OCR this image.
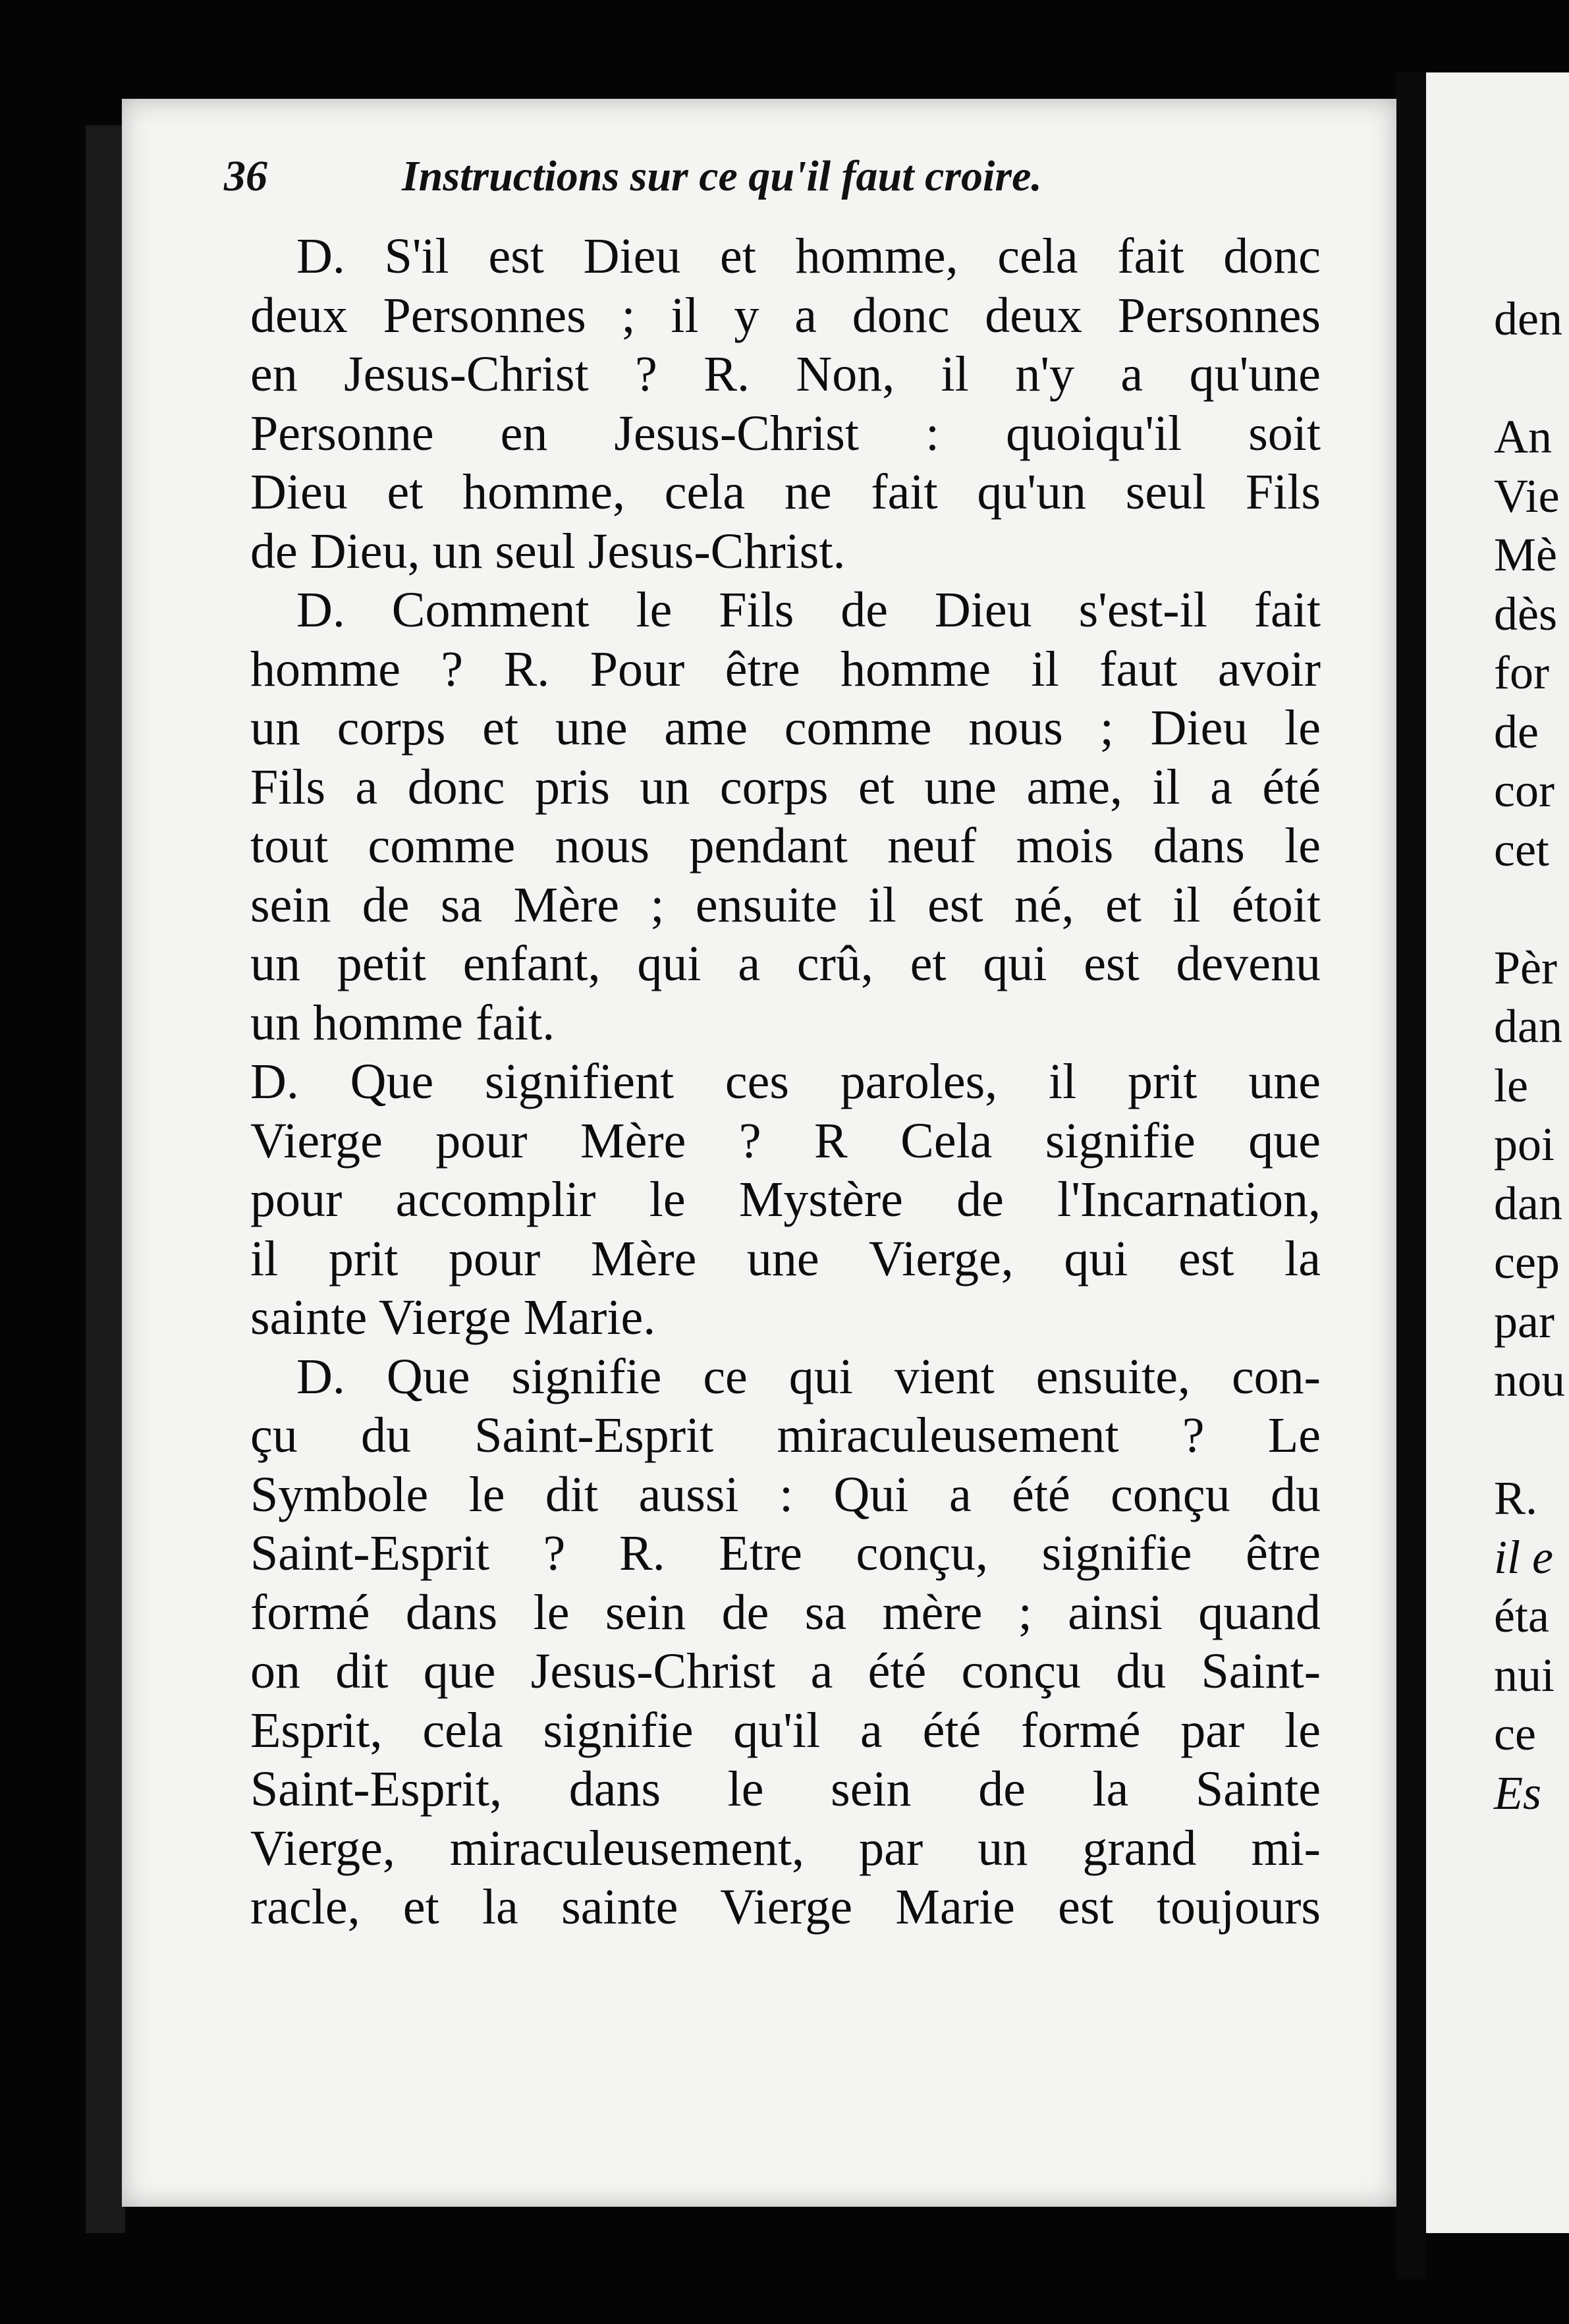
36	Instructions sur ce qu'il faut croire.
D. S'il est Dieu et homme, cela fait donc
deux Personnes ; il y a donc deux Personnes
en Jesus-Christ ? R. Non, il n'y a qu'une
Personne en Jesus-Christ : quoiqu'il soit
Dieu et homme, cela ne fait qu'un seul Fils
de Dieu, un seul Jesus-Christ.
D. Comment le Fils de Dieu s'est-il fait
homme ? R. Pour être homme il faut avoir
un corps et une ame comme nous ; Dieu le
Fils a donc pris un corps et une ame, il a été
tout comme nous pendant neuf mois dans le
sein de sa Mère ; ensuite il est né, et il étoit
un petit enfant, qui a crû, et qui est devenu
un homme fait.
D. Que signifient ces paroles, il prit une
Vierge pour Mère ? R Cela signifie que
pour accomplir le Mystère de l'Incarnation,
il prit pour Mère une Vierge, qui est la
sainte Vierge Marie.
D. Que signifie ce qui vient ensuite, con-
çu du Saint-Esprit miraculeusement ? Le
Symbole le dit aussi : Qui a été conçu du
Saint-Esprit ? R. Etre conçu, signifie être
formé dans le sein de sa mère ; ainsi quand
on dit que Jesus-Christ a été conçu du Saint-
Esprit, cela signifie qu'il a été formé par le
Saint-Esprit, dans le sein de la Sainte
Vierge, miraculeusement, par un grand mi-
racle, et la sainte Vierge Marie est toujours
den
An
Vie
Mè
dès
for
de
cor
cet
Pèr
dan
le
poi
dan
cep
par
nou
R.
il e
éta
nui
ce
Es
